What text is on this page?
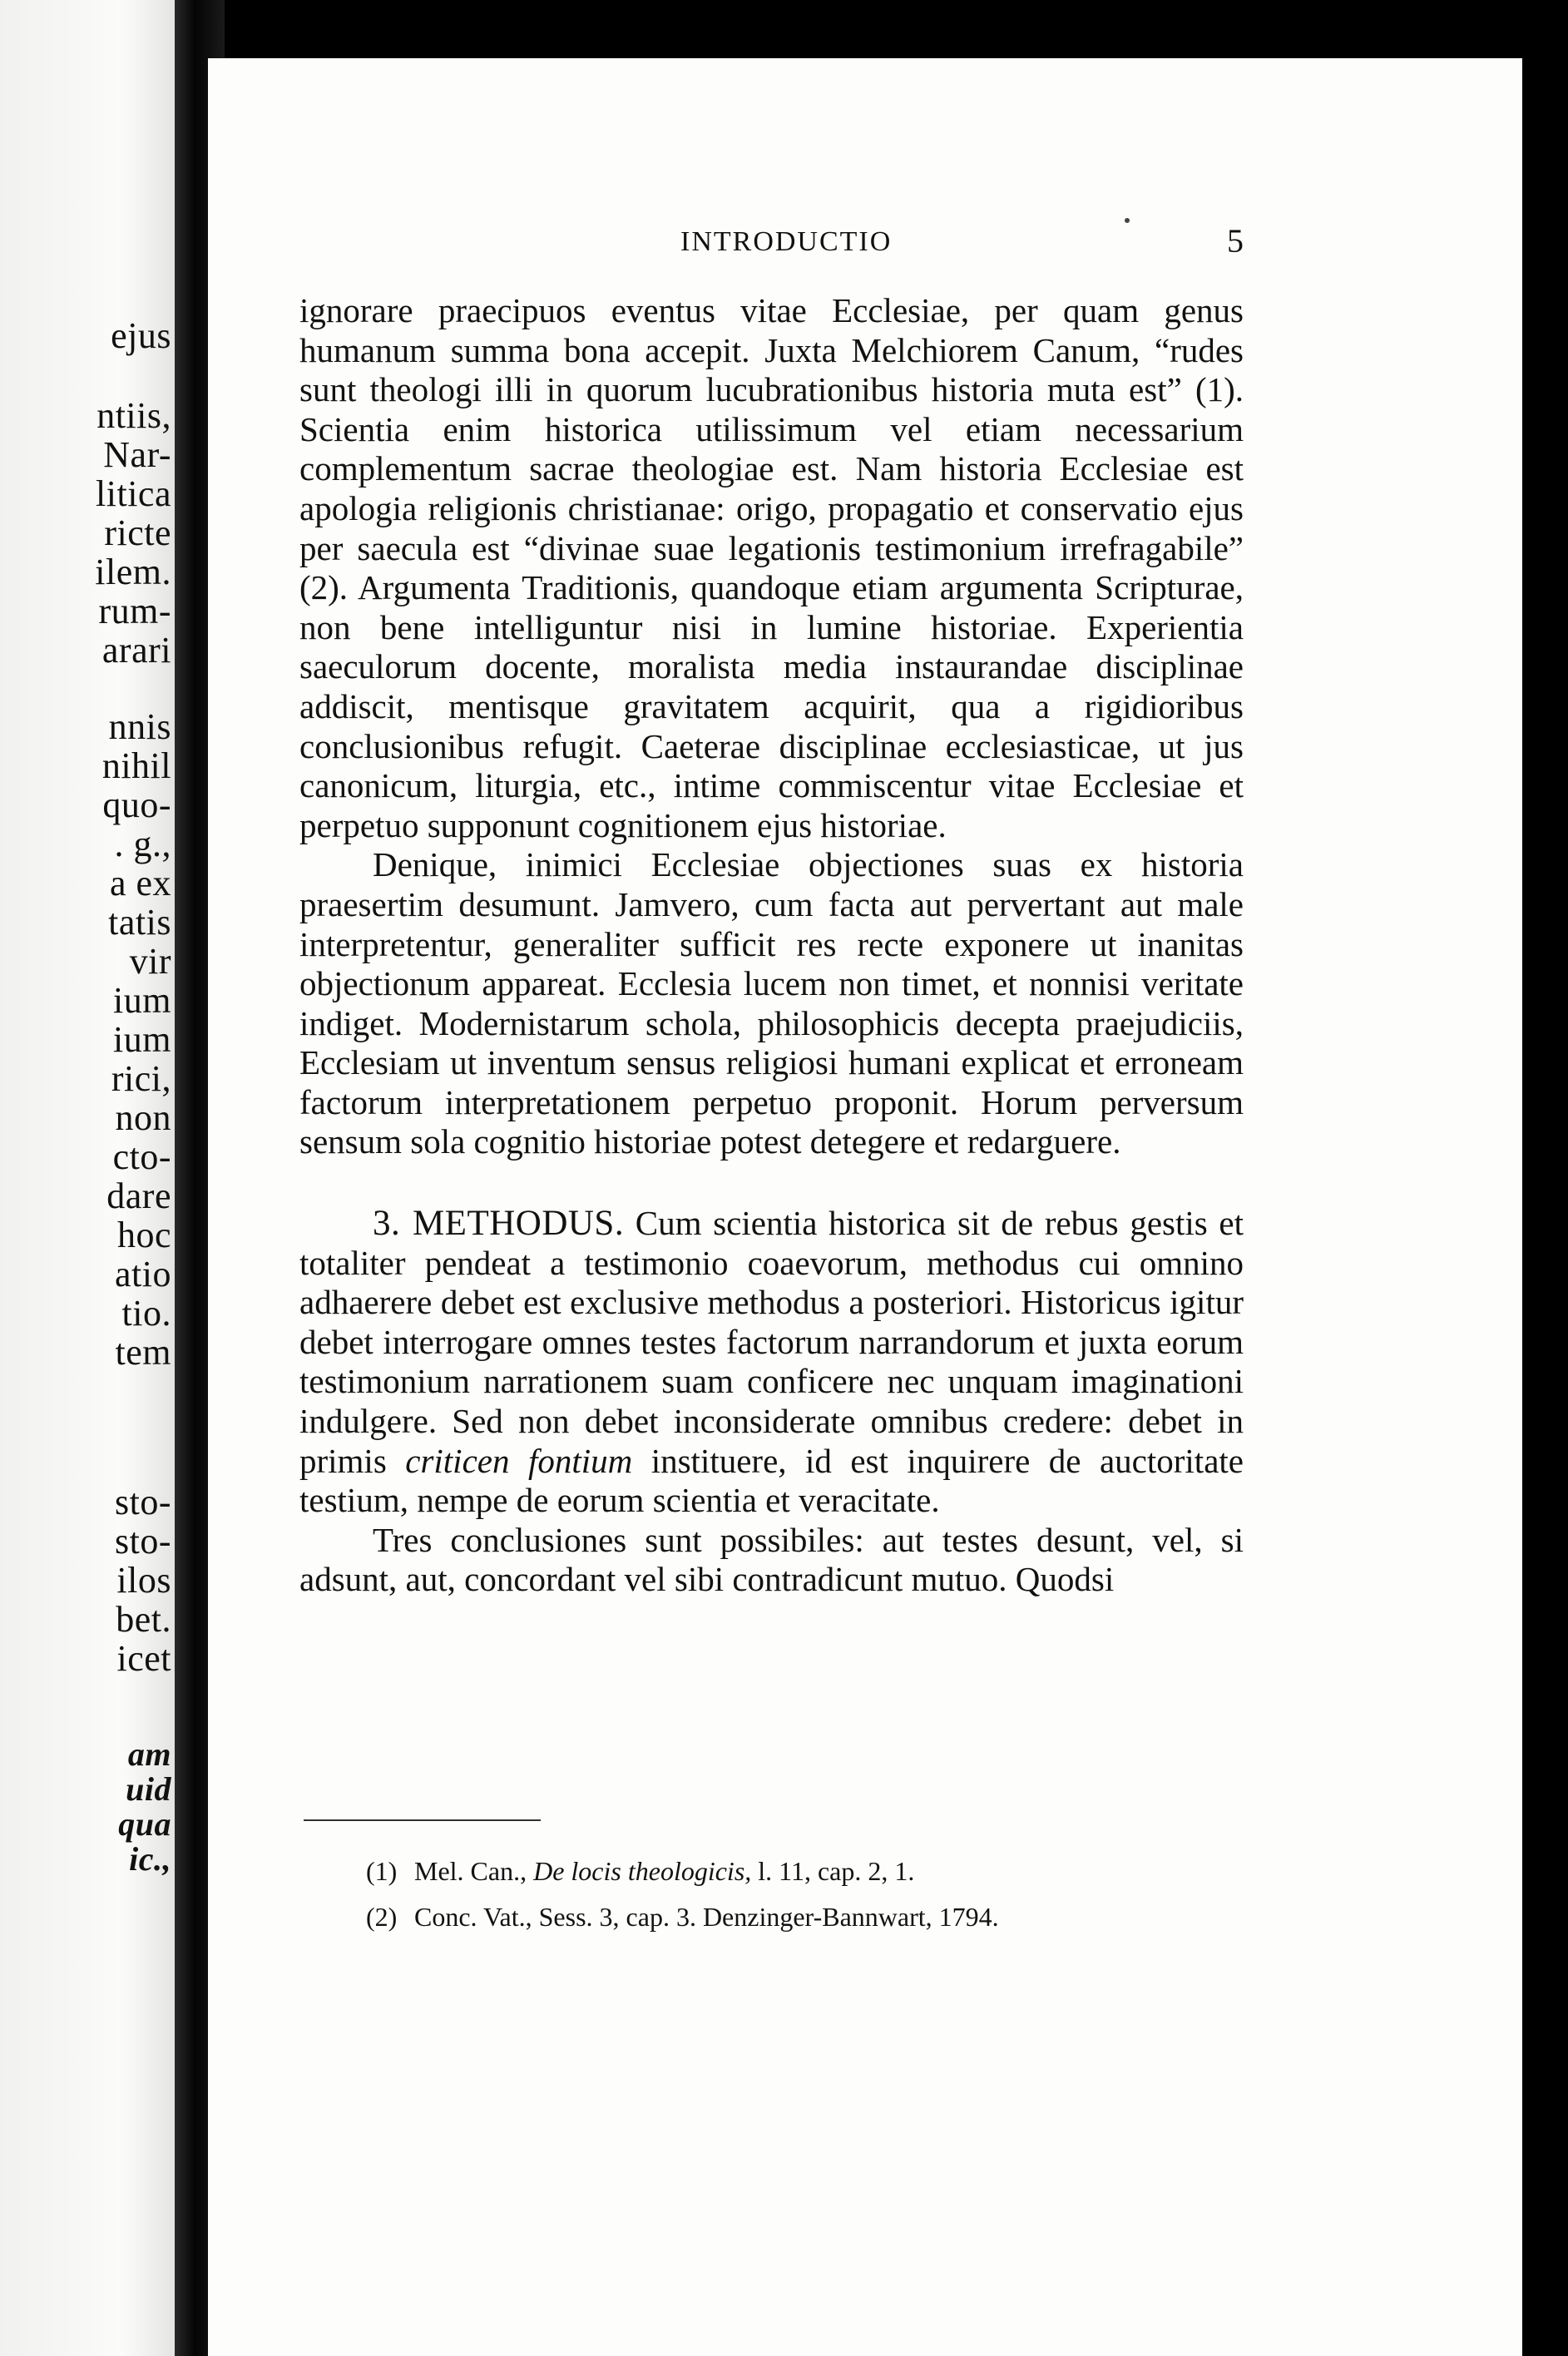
ejus
ntiis,
Nar-
litica
ricte
ilem.
rum-
arari
nnis
nihil
quo-
. g.,
a ex
tatis
vir
ium
ium
rici,
non
cto-
dare
hoc
atio
tio.
tem
sto-
sto-
ilos
bet.
icet
am
uid
qua
ic.,
INTRODUCTIO	5

ignorare praecipuos eventus vitae Ecclesiae, per quam genus humanum summa bona accepit. Juxta Melchiorem Canum, “rudes sunt theologi illi in quorum lucubrationibus historia muta est” (1). Scientia enim historica utilissimum vel etiam necessarium complementum sacrae theologiae est. Nam historia Ecclesiae est apologia religionis christianae: origo, propagatio et conservatio ejus per saecula est “divinae suae legationis testimonium irrefragabile” (2). Argumenta Traditionis, quandoque etiam argumenta Scripturae, non bene intelliguntur nisi in lumine historiae. Experientia saeculorum docente, moralista media instaurandae disciplinae addiscit, mentisque gravitatem acquirit, qua a rigidioribus conclusionibus refugit. Caeterae disciplinae ecclesiasticae, ut jus canonicum, liturgia, etc., intime commiscentur vitae Ecclesiae et perpetuo supponunt cognitionem ejus historiae.

Denique, inimici Ecclesiae objectiones suas ex historia praesertim desumunt. Jamvero, cum facta aut pervertant aut male interpretentur, generaliter sufficit res recte exponere ut inanitas objectionum appareat. Ecclesia lucem non timet, et nonnisi veritate indiget. Modernistarum schola, philosophicis decepta praejudiciis, Ecclesiam ut inventum sensus religiosi humani explicat et erroneam factorum interpretationem perpetuo proponit. Horum perversum sensum sola cognitio historiae potest detegere et redarguere.

3. METHODUS. Cum scientia historica sit de rebus gestis et totaliter pendeat a testimonio coaevorum, methodus cui omnino adhaerere debet est exclusive methodus a posteriori. Historicus igitur debet interrogare omnes testes factorum narrandorum et juxta eorum testimonium narrationem suam conficere nec unquam imaginationi indulgere. Sed non debet inconsiderate omnibus credere: debet in primis criticen fontium instituere, id est inquirere de auctoritate testium, nempe de eorum scientia et veracitate.

Tres conclusiones sunt possibiles: aut testes desunt, vel, si adsunt, aut, concordant vel sibi contradicunt mutuo. Quodsi

(1) Mel. Can., De locis theologicis, l. 11, cap. 2, 1.
(2) Conc. Vat., Sess. 3, cap. 3. Denzinger-Bannwart, 1794.
